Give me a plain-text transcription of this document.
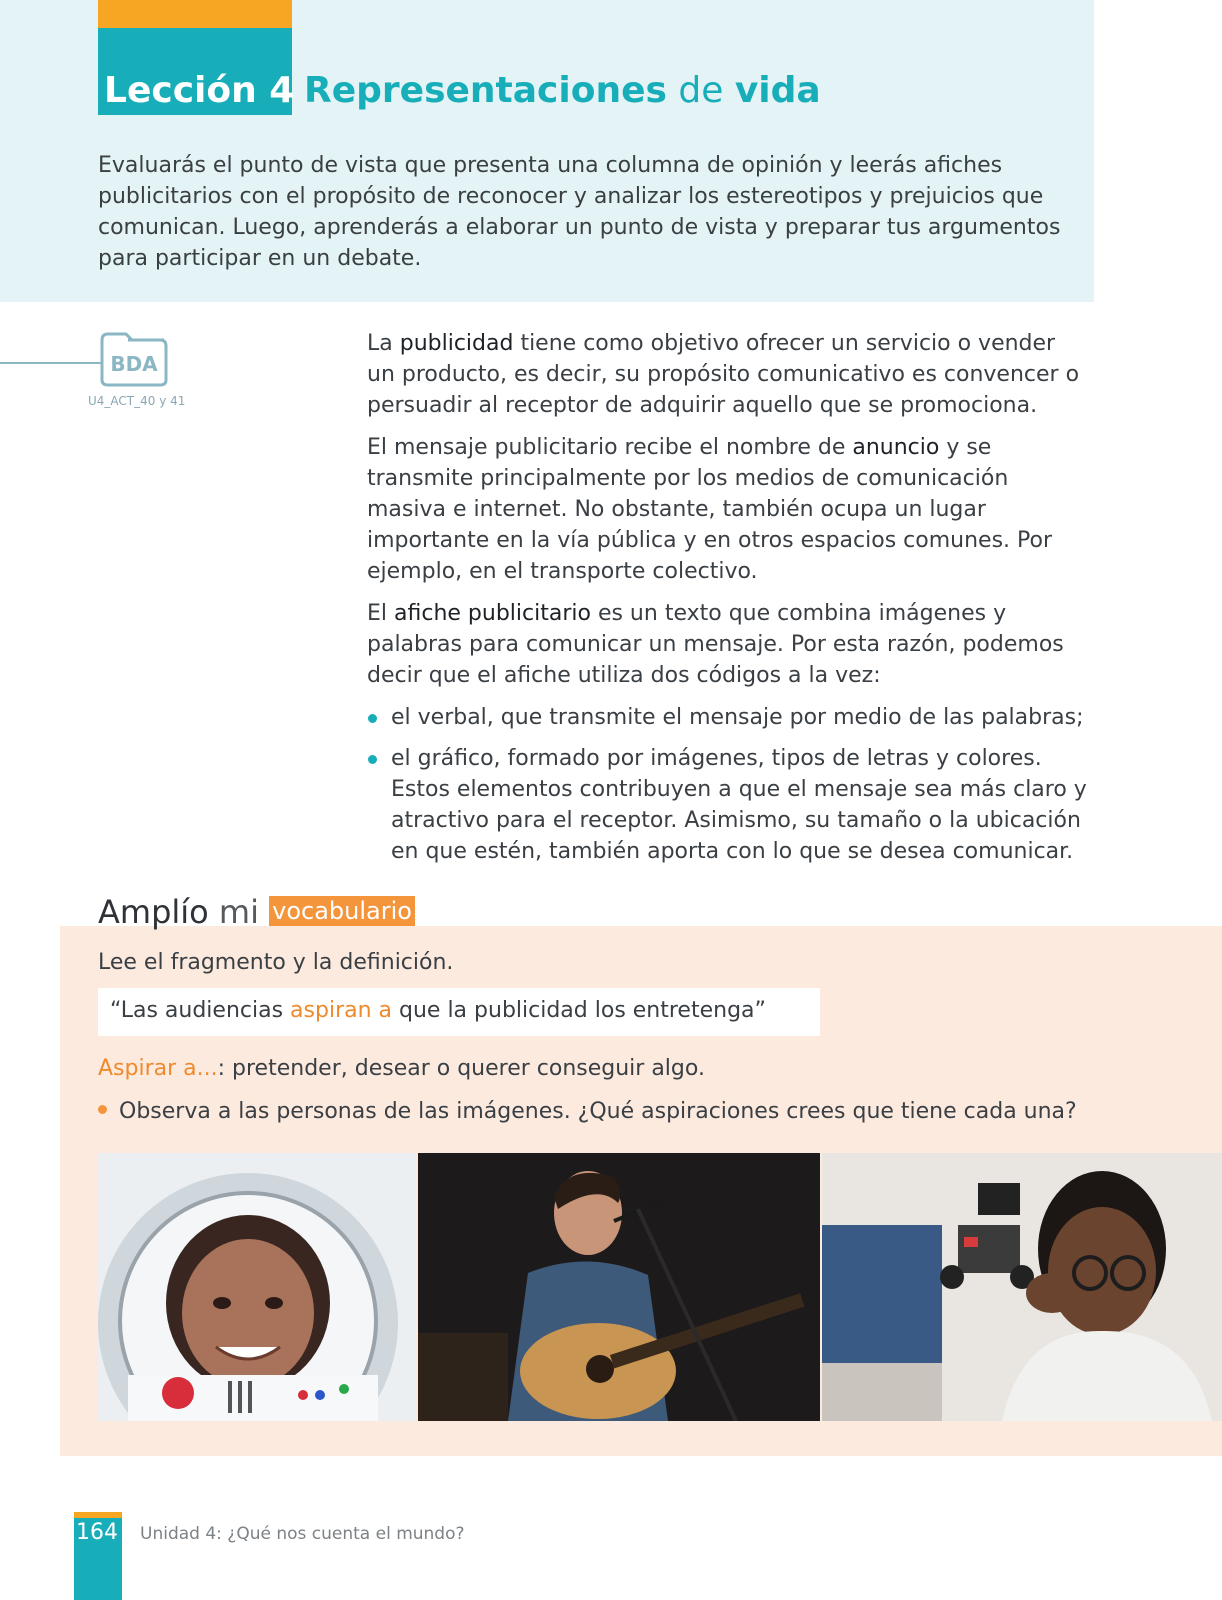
Lección 4 Representaciones de vida

Evaluarás el punto de vista que presenta una columna de opinión y leerás afiches publicitarios con el propósito de reconocer y analizar los estereotipos y prejuicios que comunican. Luego, aprenderás a elaborar un punto de vista y preparar tus argumentos para participar en un debate.

BDA
U4_ACT_40 y 41

La publicidad tiene como objetivo ofrecer un servicio o vender un producto, es decir, su propósito comunicativo es convencer o persuadir al receptor de adquirir aquello que se promociona.

El mensaje publicitario recibe el nombre de anuncio y se transmite principalmente por los medios de comunicación masiva e internet. No obstante, también ocupa un lugar importante en la vía pública y en otros espacios comunes. Por ejemplo, en el transporte colectivo.

El afiche publicitario es un texto que combina imágenes y palabras para comunicar un mensaje. Por esta razón, podemos decir que el afiche utiliza dos códigos a la vez:

el verbal, que transmite el mensaje por medio de las palabras;
el gráfico, formado por imágenes, tipos de letras y colores. Estos elementos contribuyen a que el mensaje sea más claro y atractivo para el receptor. Asimismo, su tamaño o la ubicación en que estén, también aporta con lo que se desea comunicar.
Amplío mi vocabulario
Lee el fragmento y la definición.
“Las audiencias aspiran a que la publicidad los entretenga”
Aspirar a...: pretender, desear o querer conseguir algo.
Observa a las personas de las imágenes. ¿Qué aspiraciones crees que tiene cada una?
164 Unidad 4: ¿Qué nos cuenta el mundo?
